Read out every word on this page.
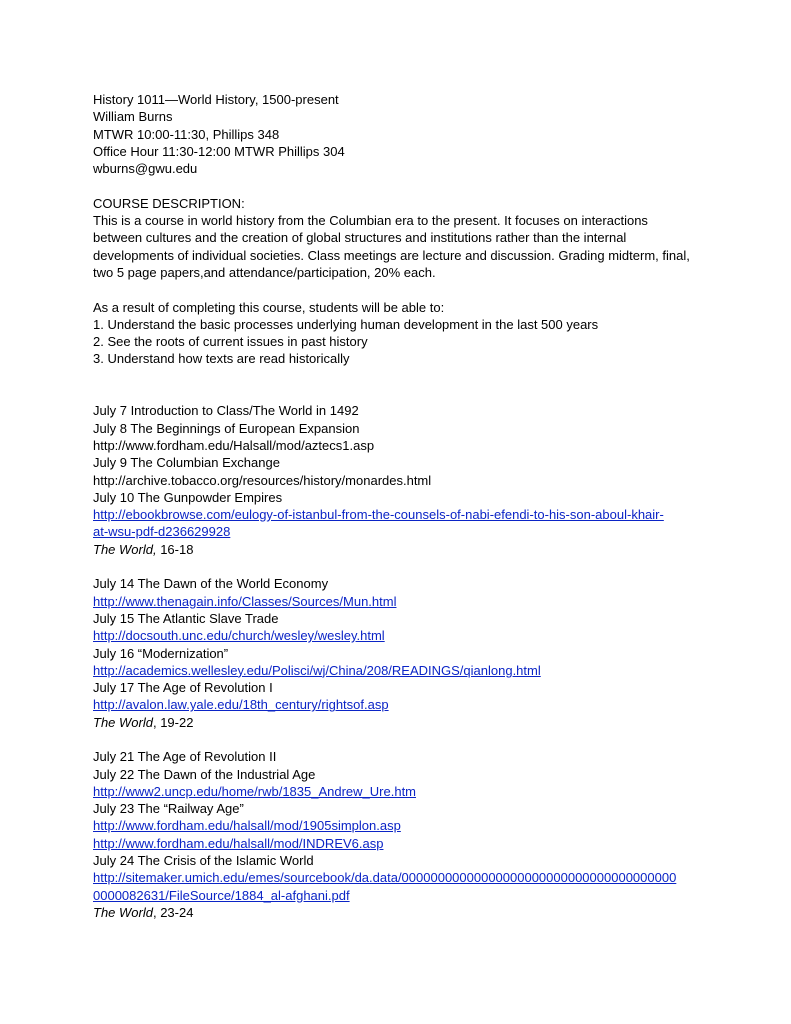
History 1011—World History, 1500-present
William Burns
MTWR 10:00-11:30, Phillips 348
Office Hour 11:30-12:00 MTWR Phillips 304
wburns@gwu.edu
COURSE DESCRIPTION:
This is a course in world history from the Columbian era to the present. It focuses on interactions
between cultures and the creation of global structures and institutions rather than the internal
developments of individual societies. Class meetings are lecture and discussion. Grading midterm, final,
two 5 page papers,and attendance/participation, 20% each.
As a result of completing this course, students will be able to:
1. Understand the basic processes underlying human development in the last 500 years
2. See the roots of current issues in past history
3. Understand how texts are read historically
July 7 Introduction to Class/The World in 1492
July 8 The Beginnings of European Expansion
http://www.fordham.edu/Halsall/mod/aztecs1.asp
July 9 The Columbian Exchange
http://archive.tobacco.org/resources/history/monardes.html
July 10 The Gunpowder Empires
http://ebookbrowse.com/eulogy-of-istanbul-from-the-counsels-of-nabi-efendi-to-his-son-aboul-khair-
at-wsu-pdf-d236629928
The World, 16-18
July 14 The Dawn of the World Economy
http://www.thenagain.info/Classes/Sources/Mun.html
July 15 The Atlantic Slave Trade
http://docsouth.unc.edu/church/wesley/wesley.html
July 16 “Modernization”
http://academics.wellesley.edu/Polisci/wj/China/208/READINGS/qianlong.html
July 17 The Age of Revolution I
http://avalon.law.yale.edu/18th_century/rightsof.asp
The World, 19-22
July 21 The Age of Revolution II
July 22 The Dawn of the Industrial Age
http://www2.uncp.edu/home/rwb/1835_Andrew_Ure.htm
July 23 The “Railway Age”
http://www.fordham.edu/halsall/mod/1905simplon.asp
http://www.fordham.edu/halsall/mod/INDREV6.asp
July 24 The Crisis of the Islamic World
http://sitemaker.umich.edu/emes/sourcebook/da.data/00000000000000000000000000000000000000
0000082631/FileSource/1884_al-afghani.pdf
The World, 23-24
